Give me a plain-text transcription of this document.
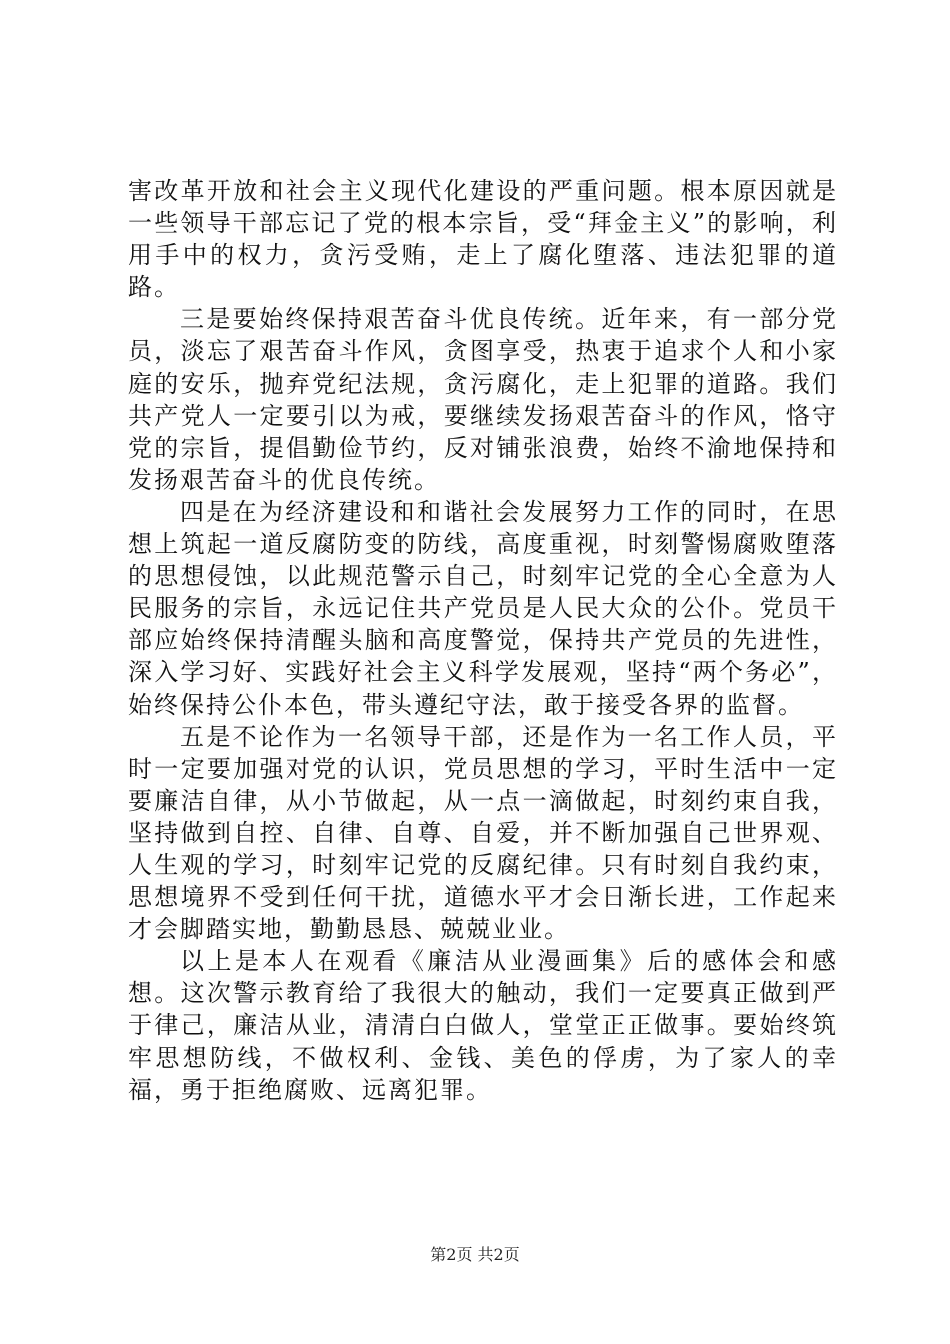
害改革开放和社会主义现代化建设的严重问题。根本原因就是一些领导干部忘记了党的根本宗旨，受“拜金主义”的影响，利用手中的权力，贪污受贿，走上了腐化堕落、违法犯罪的道路。

三是要始终保持艰苦奋斗优良传统。近年来，有一部分党员，淡忘了艰苦奋斗作风，贪图享受，热衷于追求个人和小家庭的安乐，抛弃党纪法规，贪污腐化，走上犯罪的道路。我们共产党人一定要引以为戒，要继续发扬艰苦奋斗的作风，恪守党的宗旨，提倡勤俭节约，反对铺张浪费，始终不渝地保持和发扬艰苦奋斗的优良传统。

四是在为经济建设和和谐社会发展努力工作的同时，在思想上筑起一道反腐防变的防线，高度重视，时刻警惕腐败堕落的思想侵蚀，以此规范警示自己，时刻牢记党的全心全意为人民服务的宗旨，永远记住共产党员是人民大众的公仆。党员干部应始终保持清醒头脑和高度警觉，保持共产党员的先进性，深入学习好、实践好社会主义科学发展观，坚持“两个务必”，始终保持公仆本色，带头遵纪守法，敢于接受各界的监督。

五是不论作为一名领导干部，还是作为一名工作人员，平时一定要加强对党的认识，党员思想的学习，平时生活中一定要廉洁自律，从小节做起，从一点一滴做起，时刻约束自我，坚持做到自控、自律、自尊、自爱，并不断加强自己世界观、人生观的学习，时刻牢记党的反腐纪律。只有时刻自我约束，思想境界不受到任何干扰，道德水平才会日渐长进，工作起来才会脚踏实地，勤勤恳恳、兢兢业业。

以上是本人在观看《廉洁从业漫画集》后的感体会和感想。这次警示教育给了我很大的触动，我们一定要真正做到严于律己，廉洁从业，清清白白做人，堂堂正正做事。要始终筑牢思想防线，不做权利、金钱、美色的俘虏，为了家人的幸福，勇于拒绝腐败、远离犯罪。

第2页 共2页
